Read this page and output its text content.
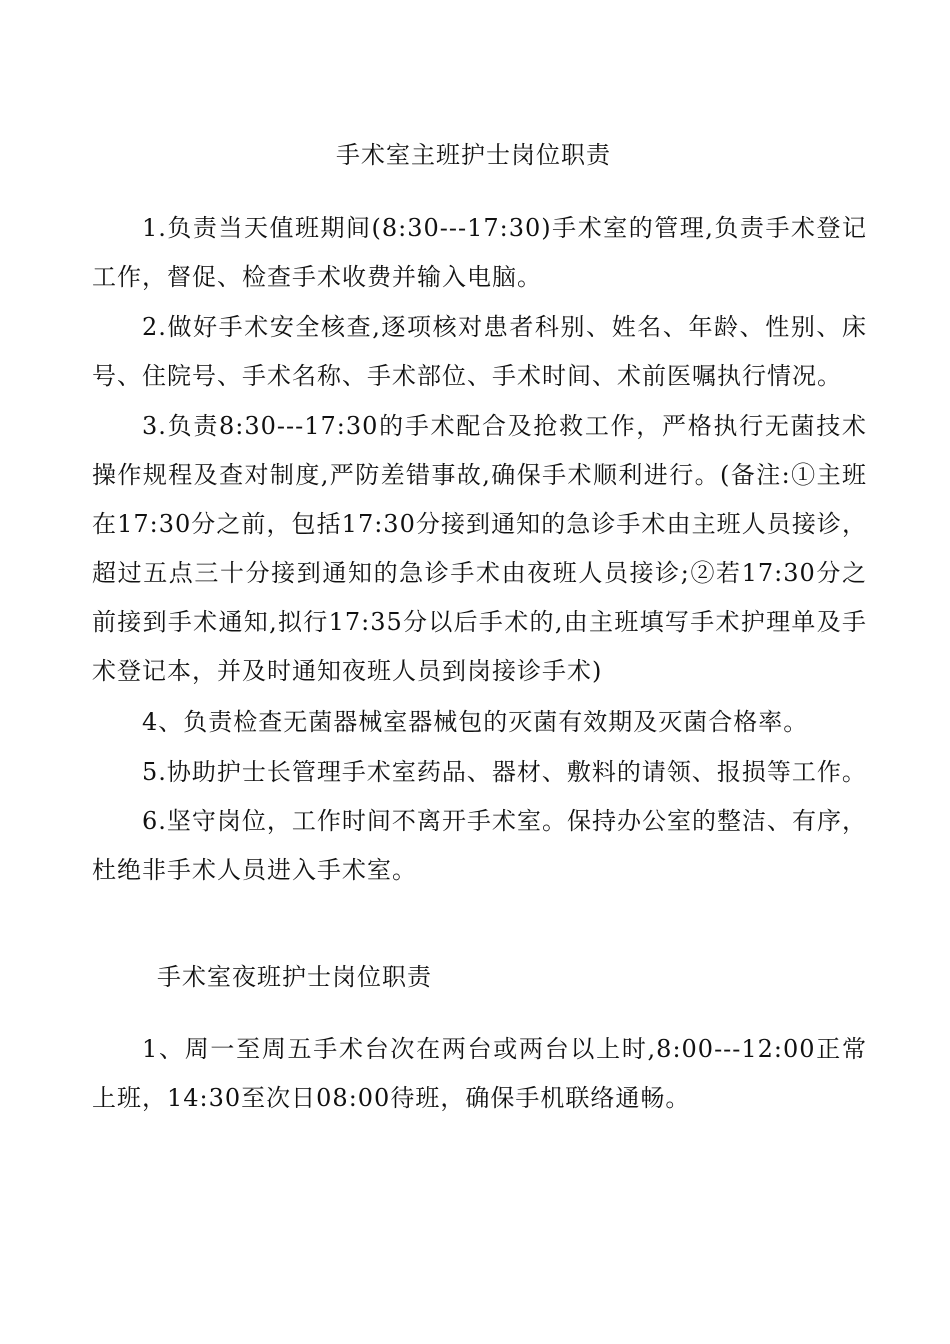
手术室主班护士岗位职责

1.负责当天值班期间(8:30---17:30)手术室的管理,负责手术登记工作，督促、检查手术收费并输入电脑。

2.做好手术安全核查,逐项核对患者科别、姓名、年龄、性别、床号、住院号、手术名称、手术部位、手术时间、术前医嘱执行情况。

3.负责8:30---17:30的手术配合及抢救工作，严格执行无菌技术操作规程及查对制度,严防差错事故,确保手术顺利进行。(备注:①主班在17:30分之前，包括17:30分接到通知的急诊手术由主班人员接诊，超过五点三十分接到通知的急诊手术由夜班人员接诊;②若17:30分之前接到手术通知,拟行17:35分以后手术的,由主班填写手术护理单及手术登记本，并及时通知夜班人员到岗接诊手术)

4、负责检查无菌器械室器械包的灭菌有效期及灭菌合格率。

5.协助护士长管理手术室药品、器材、敷料的请领、报损等工作。

6.坚守岗位，工作时间不离开手术室。保持办公室的整洁、有序，杜绝非手术人员进入手术室。

手术室夜班护士岗位职责

1、周一至周五手术台次在两台或两台以上时,8:00---12:00正常上班，14:30至次日08:00待班，确保手机联络通畅。
